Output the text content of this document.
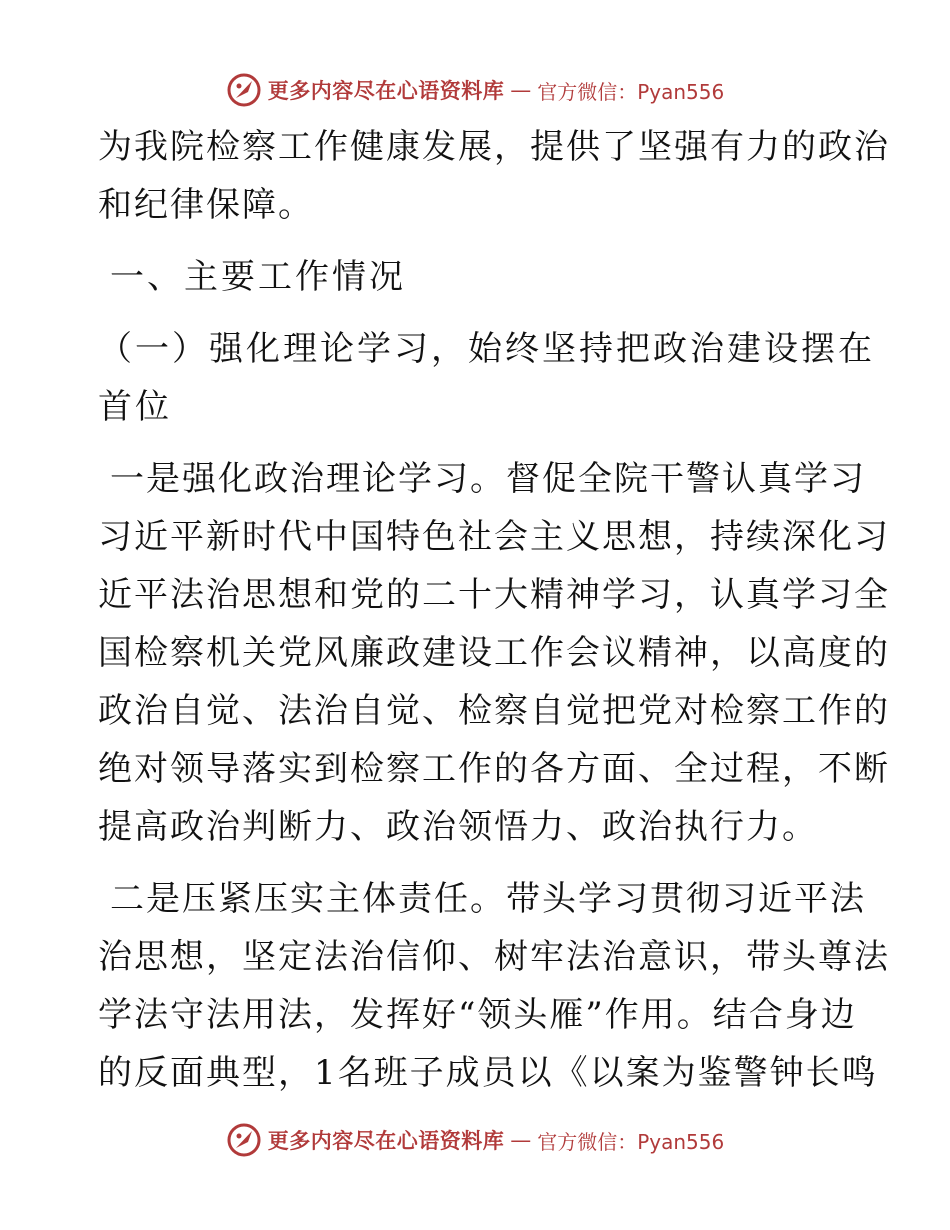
更多内容尽在心语资料库 — 官方微信：Pyan556
为我院检察工作健康发展，提供了坚强有力的政治
和纪律保障。
一、主要工作情况
（一）强化理论学习，始终坚持把政治建设摆在
首位
一是强化政治理论学习。督促全院干警认真学习
习近平新时代中国特色社会主义思想，持续深化习
近平法治思想和党的二十大精神学习，认真学习全
国检察机关党风廉政建设工作会议精神，以高度的
政治自觉、法治自觉、检察自觉把党对检察工作的
绝对领导落实到检察工作的各方面、全过程，不断
提高政治判断力、政治领悟力、政治执行力。
二是压紧压实主体责任。带头学习贯彻习近平法
治思想，坚定法治信仰、树牢法治意识，带头尊法
学法守法用法，发挥好“领头雁”作用。结合身边
的反面典型，1名班子成员以《以案为鉴警钟长鸣
更多内容尽在心语资料库 — 官方微信：Pyan556
